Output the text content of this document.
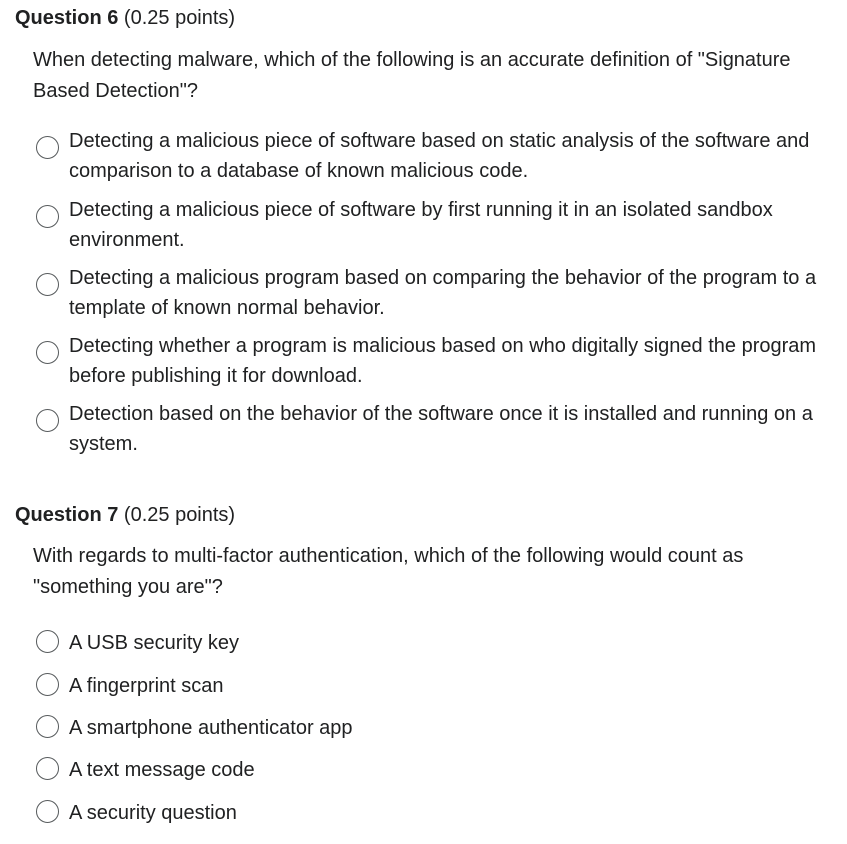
Question 6 (0.25 points)
When detecting malware, which of the following is an accurate definition of "Signature Based Detection"?
Detecting a malicious piece of software based on static analysis of the software and comparison to a database of known malicious code.
Detecting a malicious piece of software by first running it in an isolated sandbox environment.
Detecting a malicious program based on comparing the behavior of the program to a template of known normal behavior.
Detecting whether a program is malicious based on who digitally signed the program before publishing it for download.
Detection based on the behavior of the software once it is installed and running on a system.
Question 7 (0.25 points)
With regards to multi-factor authentication, which of the following would count as "something you are"?
A USB security key
A fingerprint scan
A smartphone authenticator app
A text message code
A security question
